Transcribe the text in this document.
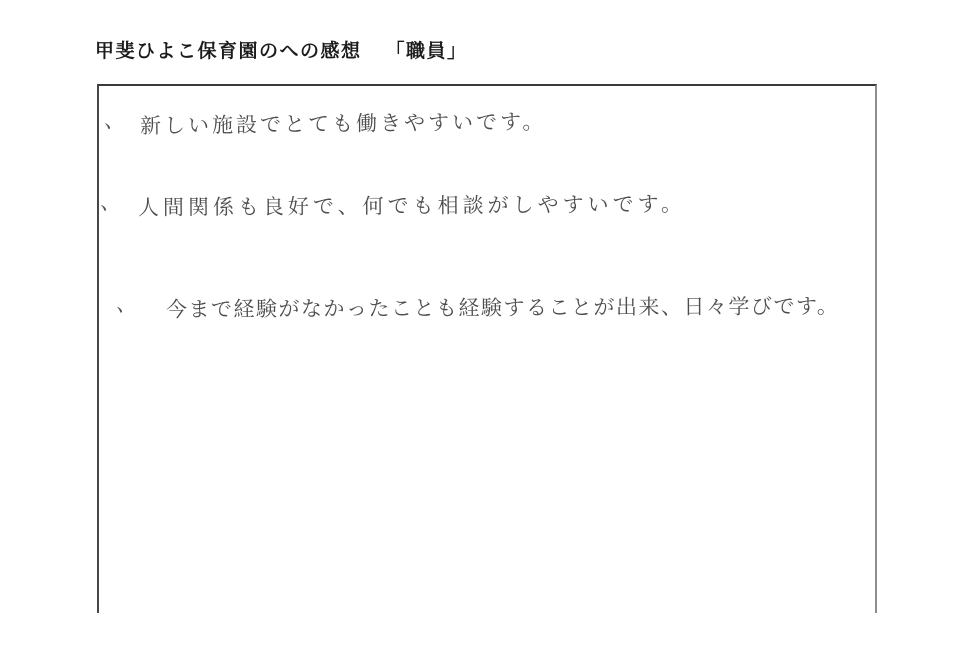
甲斐ひよこ保育園のへの感想 「職員」
、 新しい施設でとても働きやすいです。
、 人間関係も良好で、何でも相談がしやすいです。
、 今まで経験がなかったことも経験することが出来、日々学びです。
